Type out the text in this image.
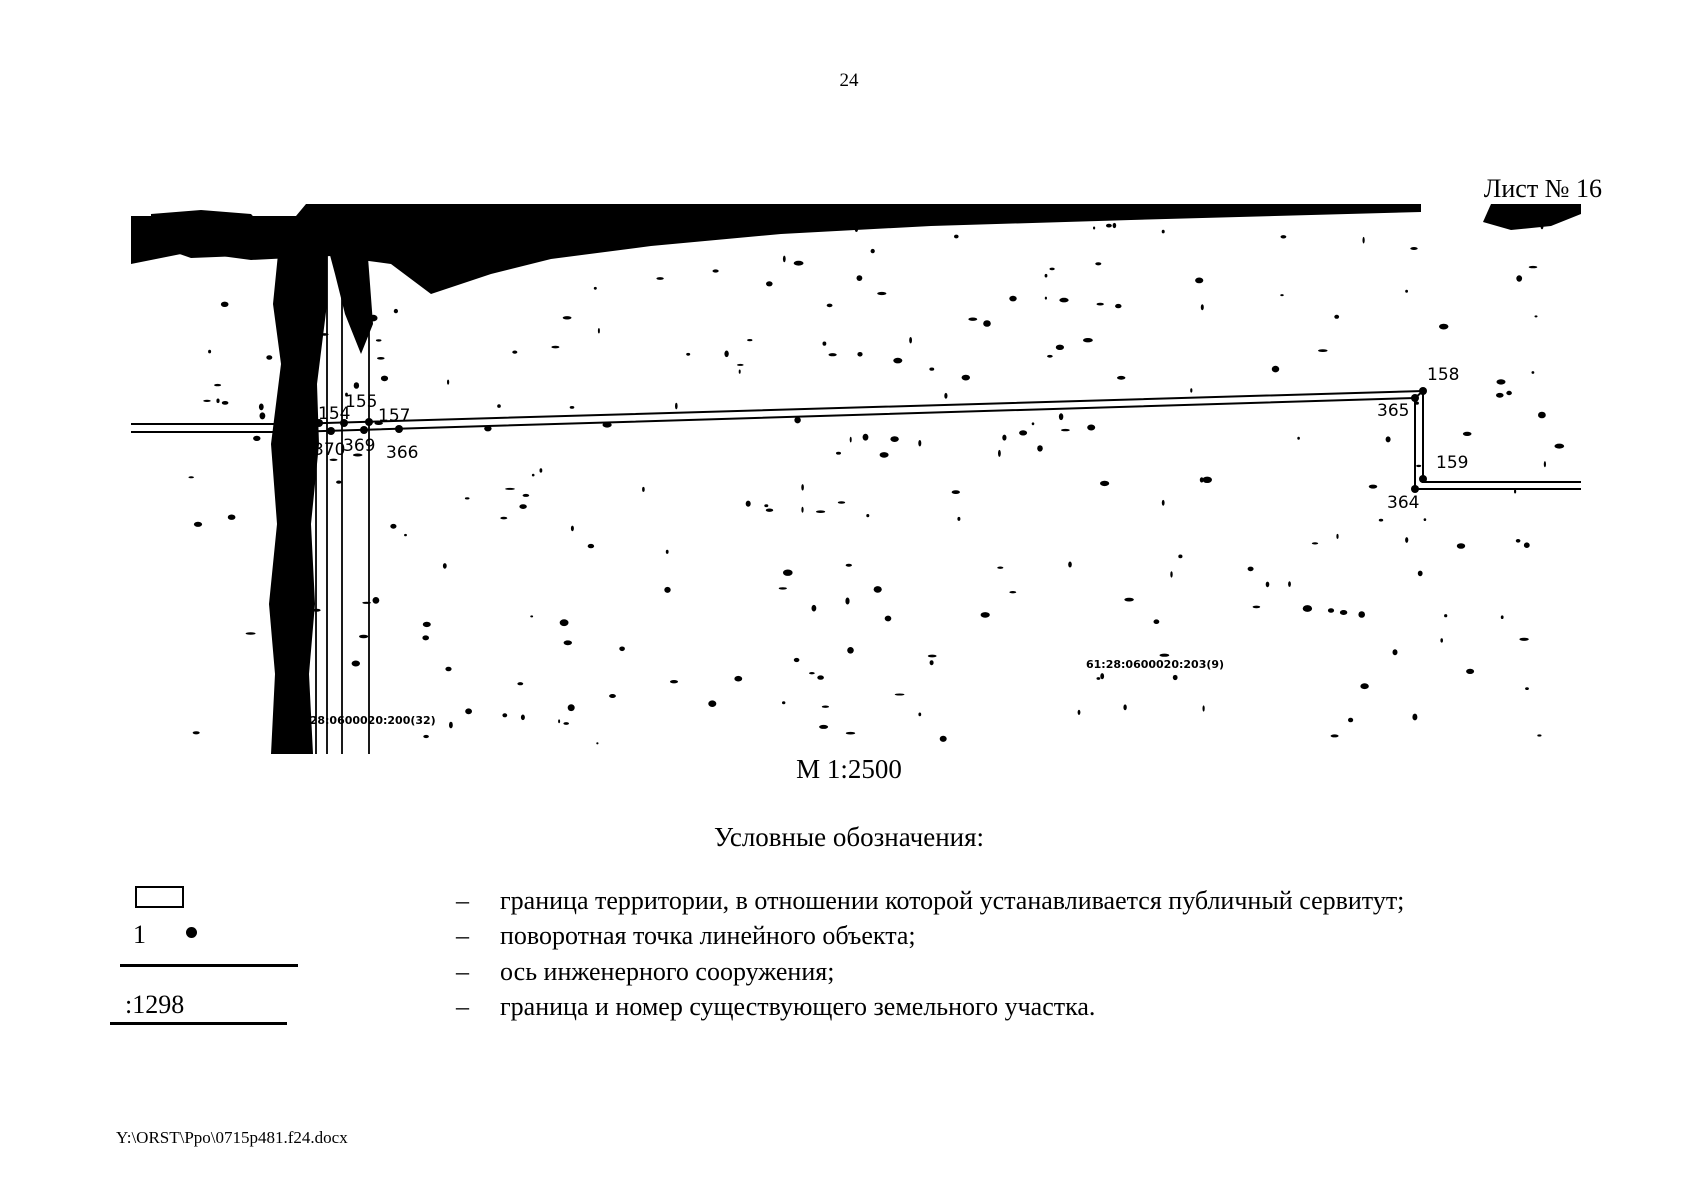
24
Лист № 16
152 154
155
157
158
365
159
364
373 370
369 366
00020
61:28:0600020:200(32)
61:28:0600020:203(9)
М 1:2500
Условные обозначения:
1
:1298
– граница территории, в отношении которой устанавливается публичный сервитут;
– поворотная точка линейного объекта;
– ось инженерного сооружения;
– граница и номер существующего земельного участка.
Y:\ORST\Ppo\0715p481.f24.docx
